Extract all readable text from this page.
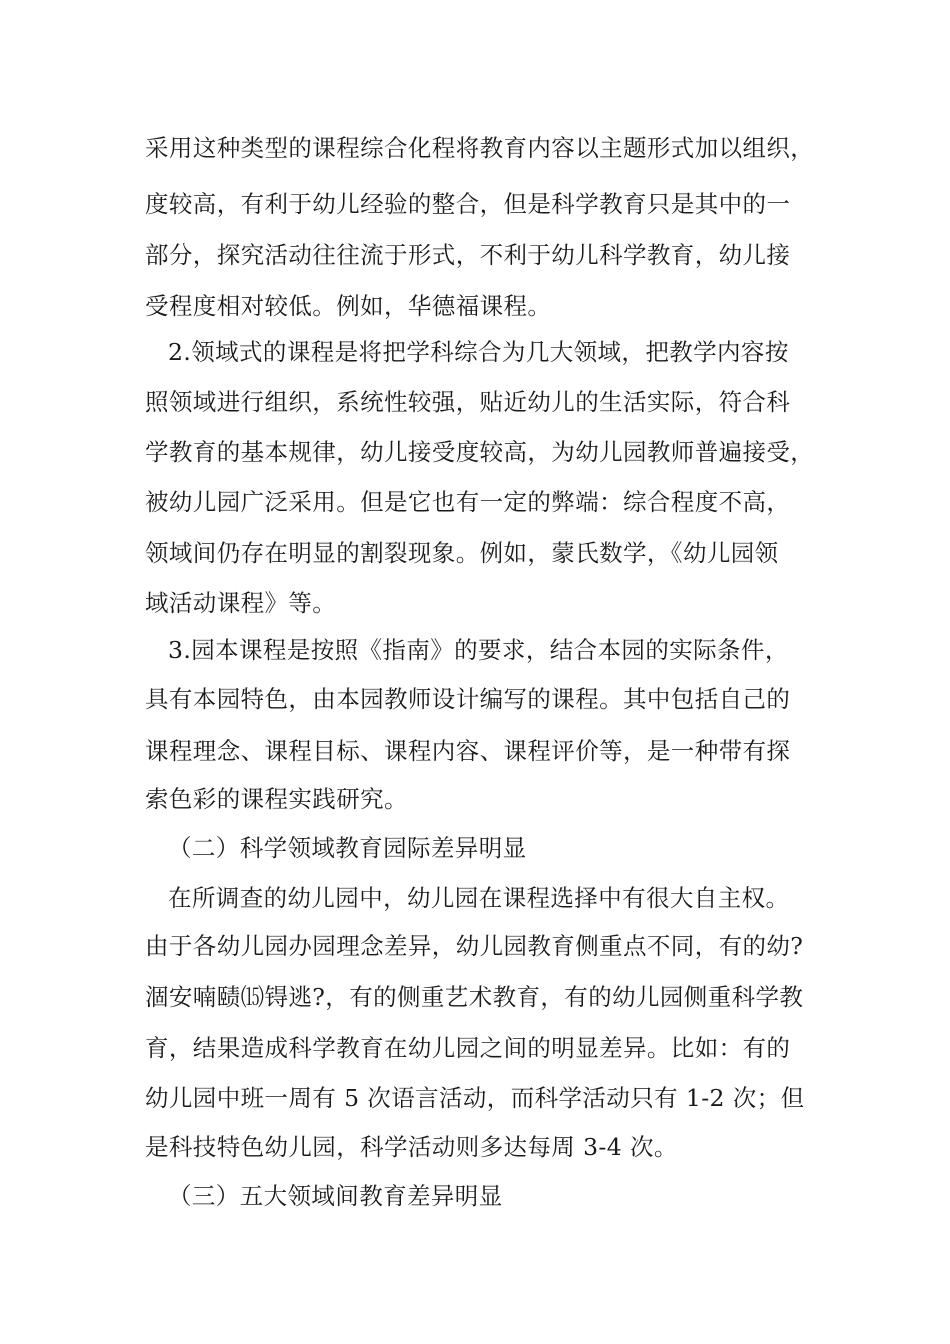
采用这种类型的课程综合化程将教育内容以主题形式加以组织，

度较高，有利于幼儿经验的整合，但是科学教育只是其中的一

部分，探究活动往往流于形式，不利于幼儿科学教育，幼儿接

受程度相对较低。例如，华德福课程。

2.领域式的课程是将把学科综合为几大领域，把教学内容按

照领域进行组织，系统性较强，贴近幼儿的生活实际，符合科

学教育的基本规律，幼儿接受度较高，为幼儿园教师普遍接受，

被幼儿园广泛采用。但是它也有一定的弊端：综合程度不高，

领域间仍存在明显的割裂现象。例如，蒙氏数学，《幼儿园领

域活动课程》等。

3.园本课程是按照《指南》的要求，结合本园的实际条件，

具有本园特色，由本园教师设计编写的课程。其中包括自己的

课程理念、课程目标、课程内容、课程评价等，是一种带有探

索色彩的课程实践研究。

（二）科学领域教育园际差异明显

在所调查的幼儿园中，幼儿园在课程选择中有很大自主权。

由于各幼儿园办园理念差异，幼儿园教育侧重点不同，有的幼?

涸安喃赜⒂锝逃?，有的侧重艺术教育，有的幼儿园侧重科学教

育，结果造成科学教育在幼儿园之间的明显差异。比如：有的

幼儿园中班一周有 5 次语言活动，而科学活动只有 1-2 次；但

是科技特色幼儿园，科学活动则多达每周 3-4 次。

（三）五大领域间教育差异明显
